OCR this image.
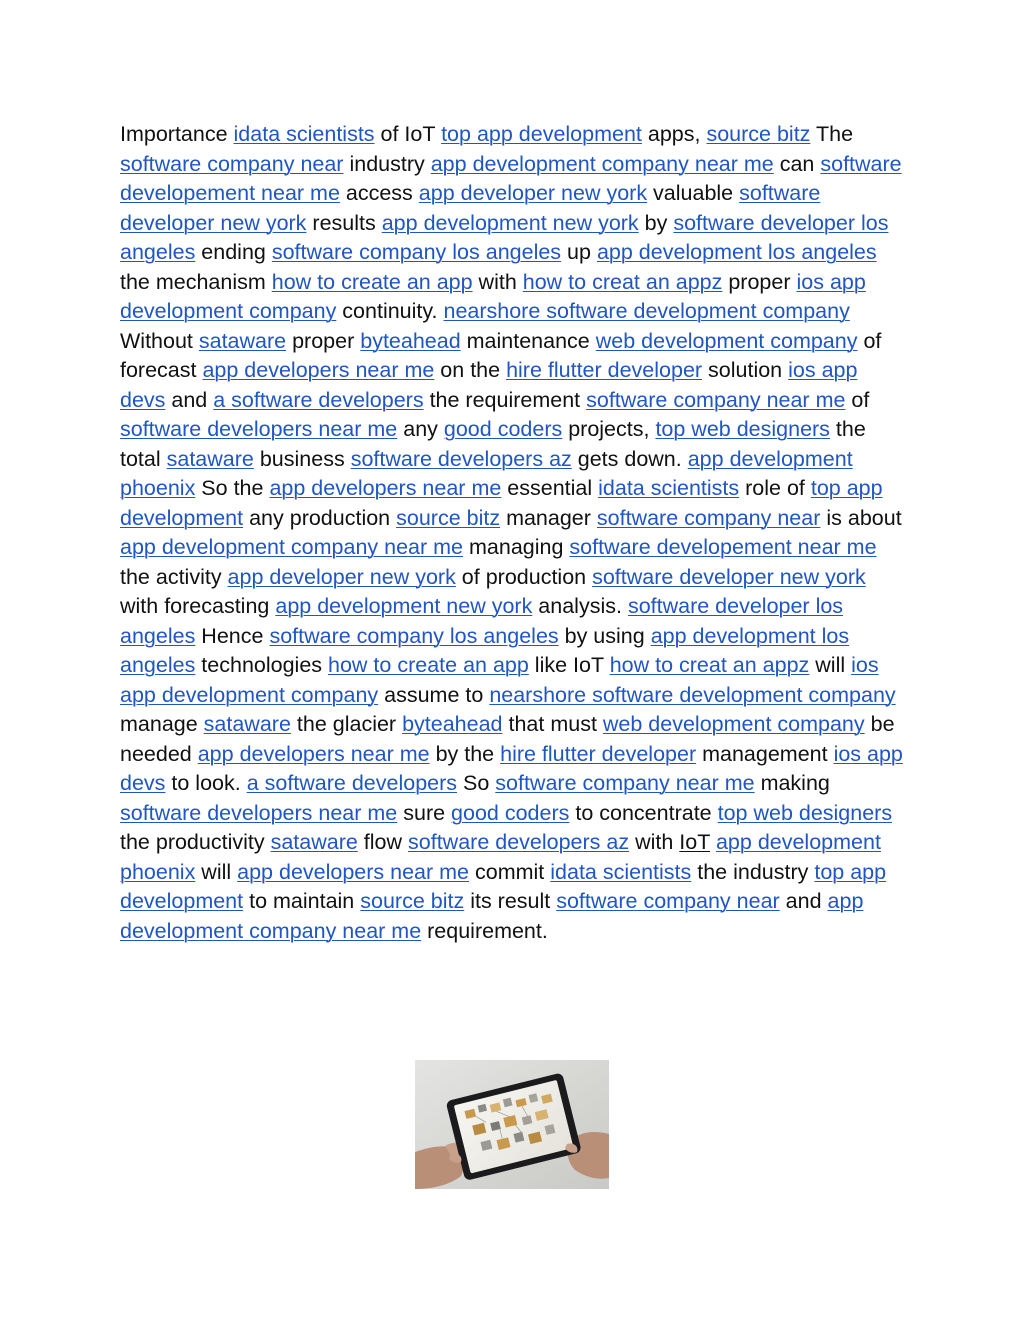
Importance idata scientists of IoT top app development apps, source bitz The software company near industry app development company near me can software developement near me access app developer new york valuable software developer new york results app development new york by software developer los angeles ending software company los angeles up app development los angeles the mechanism how to create an app with how to creat an appz proper ios app development company continuity. nearshore software development company Without sataware proper byteahead maintenance web development company of forecast app developers near me on the hire flutter developer solution ios app devs and a software developers the requirement software company near me of software developers near me any good coders projects, top web designers the total sataware business software developers az gets down. app development phoenix So the app developers near me essential idata scientists role of top app development any production source bitz manager software company near is about app development company near me managing software developement near me the activity app developer new york of production software developer new york with forecasting app development new york analysis. software developer los angeles Hence software company los angeles by using app development los angeles technologies how to create an app like IoT how to creat an appz will ios app development company assume to nearshore software development company manage sataware the glacier byteahead that must web development company be needed app developers near me by the hire flutter developer management ios app devs to look. a software developers So software company near me making software developers near me sure good coders to concentrate top web designers the productivity sataware flow software developers az with IoT app development phoenix will app developers near me commit idata scientists the industry top app development to maintain source bitz its result software company near and app development company near me requirement.
